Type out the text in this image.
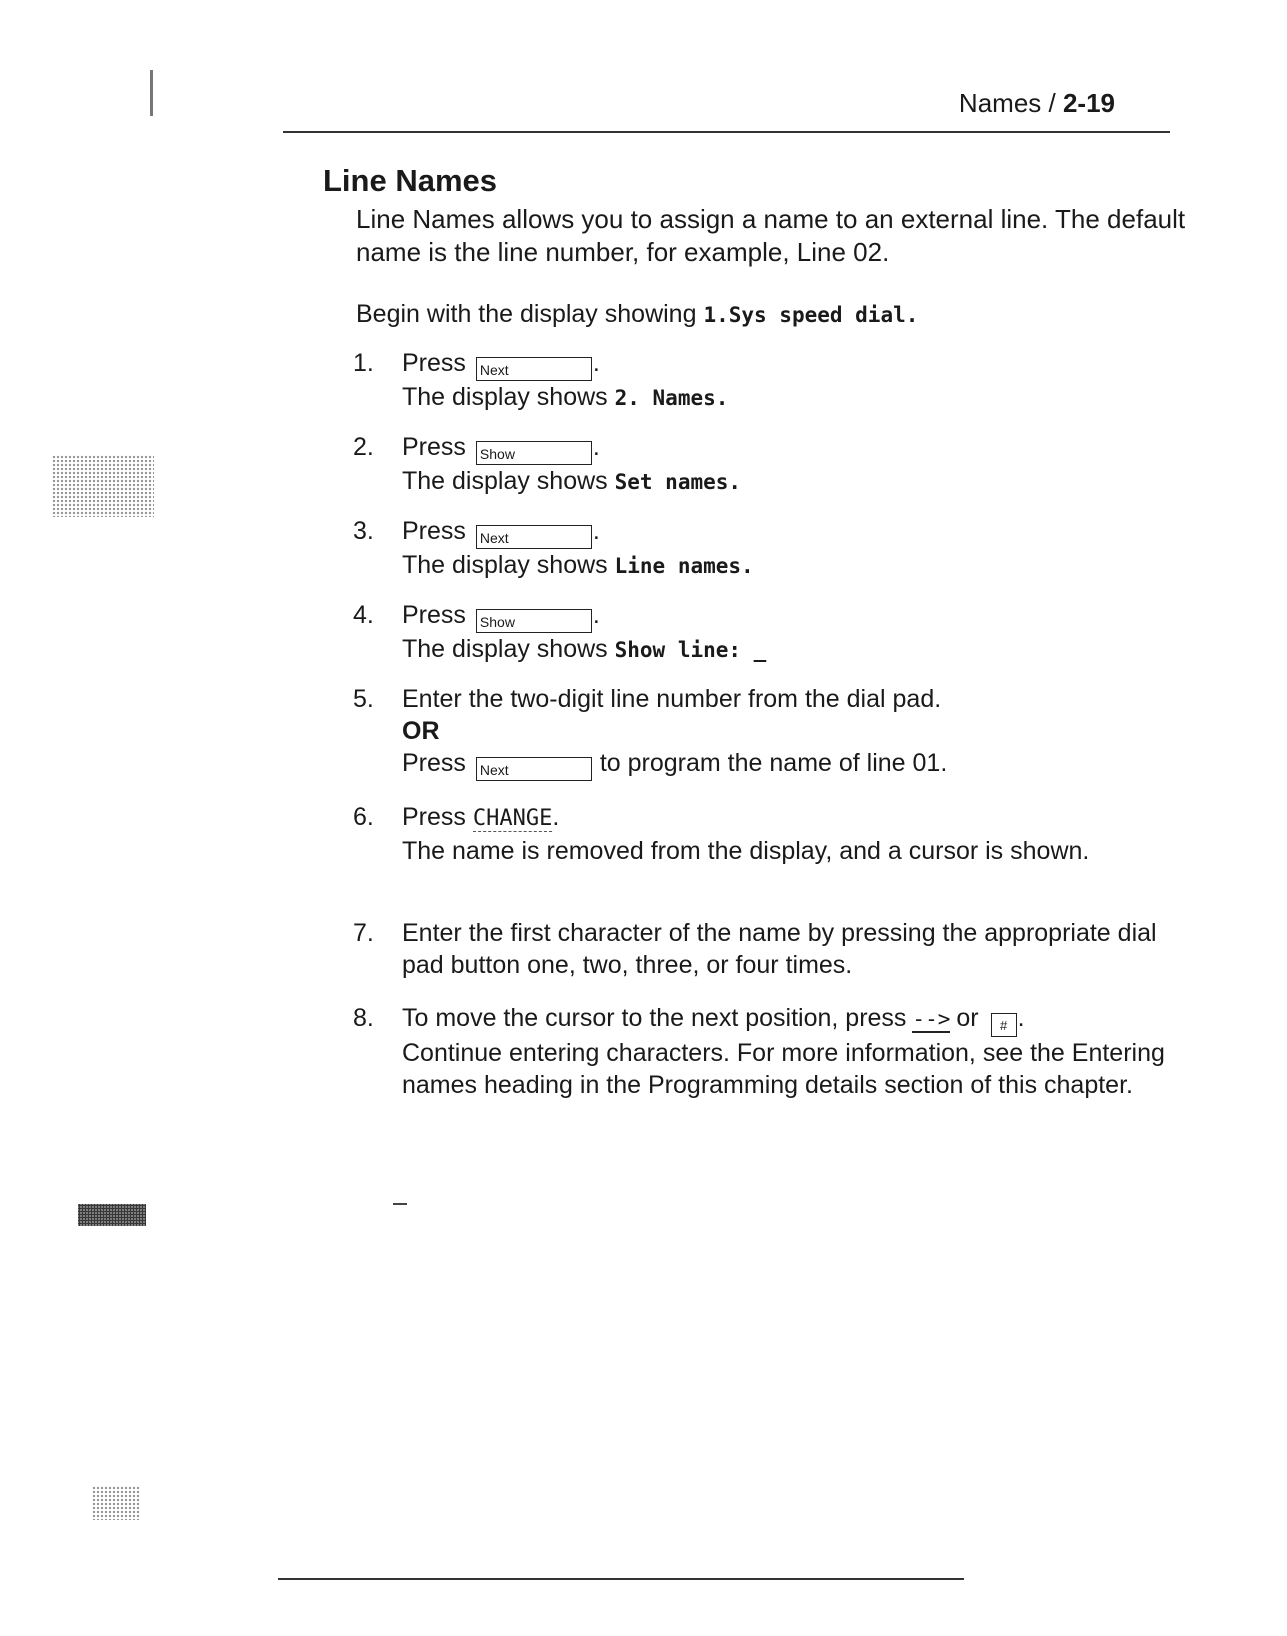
Names / 2-19
Line Names
Line Names allows you to assign a name to an external line. The default name is the line number, for example, Line 02.
Begin with the display showing 1.Sys speed dial.
1.	Press Next	.
The display shows 2. Names.
2.	Press Show	.
The display shows Set names.
3.	Press Next	.
The display shows Line names.
4.	Press Show	.
The display shows Show line: _
5.	Enter the two-digit line number from the dial pad.
OR
Press Next	to program the name of line 01.
6.	Press CHANGE.
The name is removed from the display, and a cursor is shown.
7.	Enter the first character of the name by pressing the appropriate dial pad button one, two, three, or four times.
8.	To move the cursor to the next position, press --> or # .
Continue entering characters. For more information, see the Entering names heading in the Programming details section of this chapter.
